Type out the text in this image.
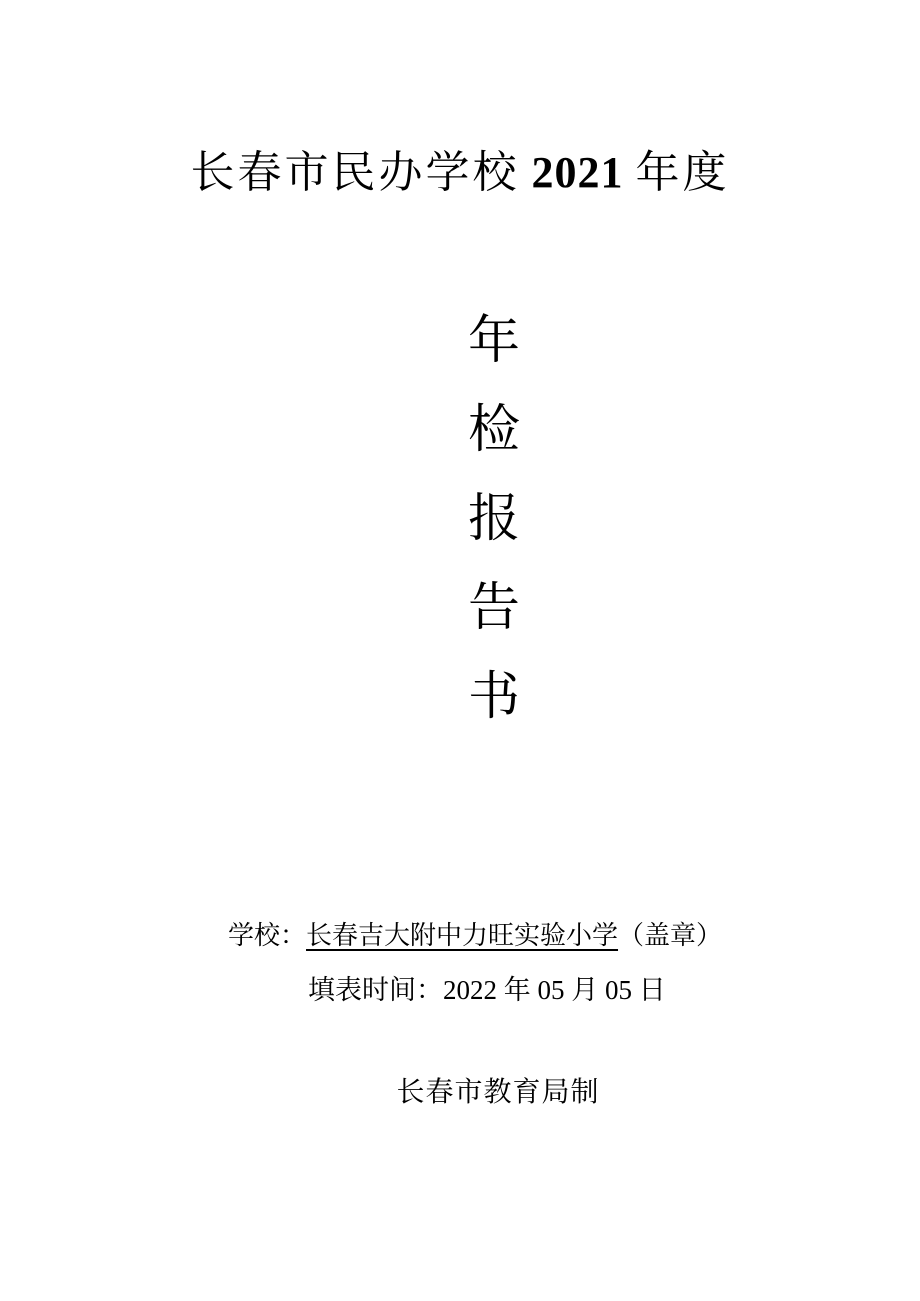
长春市民办学校 2021 年度
年
检
报
告
书
学校：长春吉大附中力旺实验小学（盖章）
填表时间：2022 年 05 月 05 日
长春市教育局制
